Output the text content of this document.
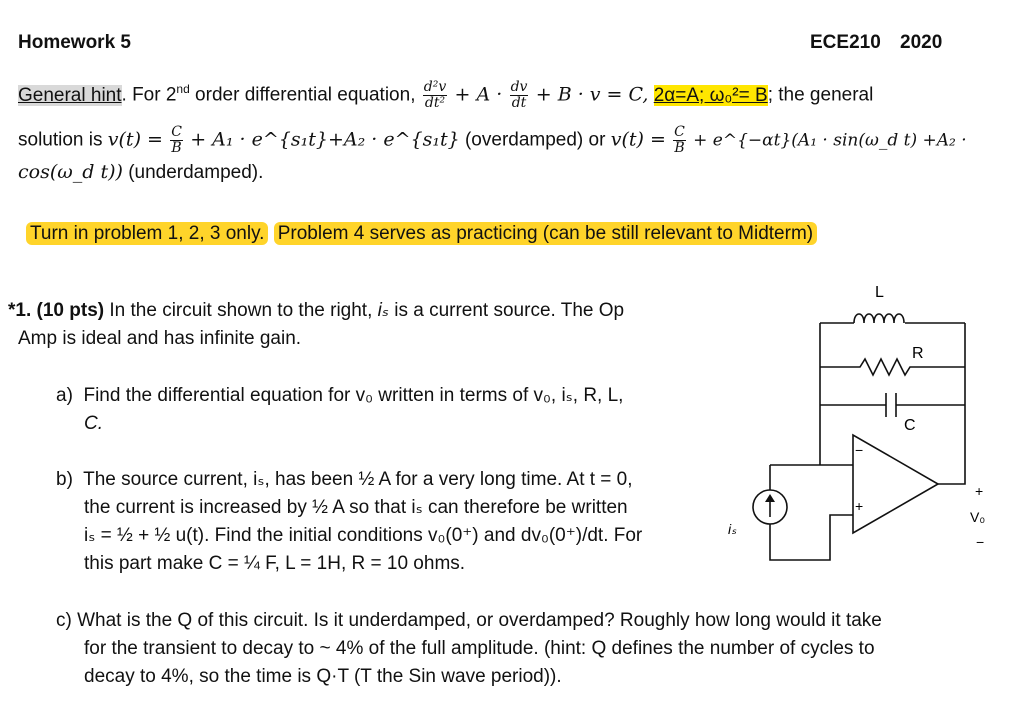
Homework 5	ECE210 2020
General hint. For 2nd order differential equation, $\frac{\text{d²v}}{\text{dt²}} + A \cdot \frac{dv}{dt} + B \cdot v = C$, 2α=A; ω₀²= B; the general
solution is $v(t) = \frac{C}{B} + A_1$ · e^{s₁t}+A₂ · e^{s₁t} (overdamped) or $v(t) = \frac{C}{B}$ + e^{−αt}(A₁ · sin(ω_d t) +A₂ ·
cos(ω_d t)) (underdamped).
Turn in problem 1, 2, 3 only. Problem 4 serves as practicing (can be still relevant to Midterm)
*1. (10 pts) In the circuit shown to the right, iₛ is a current source. The Op
Amp is ideal and has infinite gain.
a) Find the differential equation for v₀ written in terms of v₀, iₛ, R, L,
C.
b) The source current, iₛ, has been ½ A for a very long time. At t = 0,
the current is increased by ½ A so that iₛ can therefore be written
iₛ = ½ + ½ u(t). Find the initial conditions v₀(0⁺) and dv₀(0⁺)/dt. For
this part make C = ¼ F, L = 1H, R = 10 ohms.
c) What is the Q of this circuit. Is it underdamped, or overdamped? Roughly how long would it take
for the transient to decay to ~ 4% of the full amplitude. (hint: Q defines the number of cycles to
decay to 4%, so the time is Q·T (T the Sin wave period)).
L
R
C
−
+
iₛ
+
V₀
−
